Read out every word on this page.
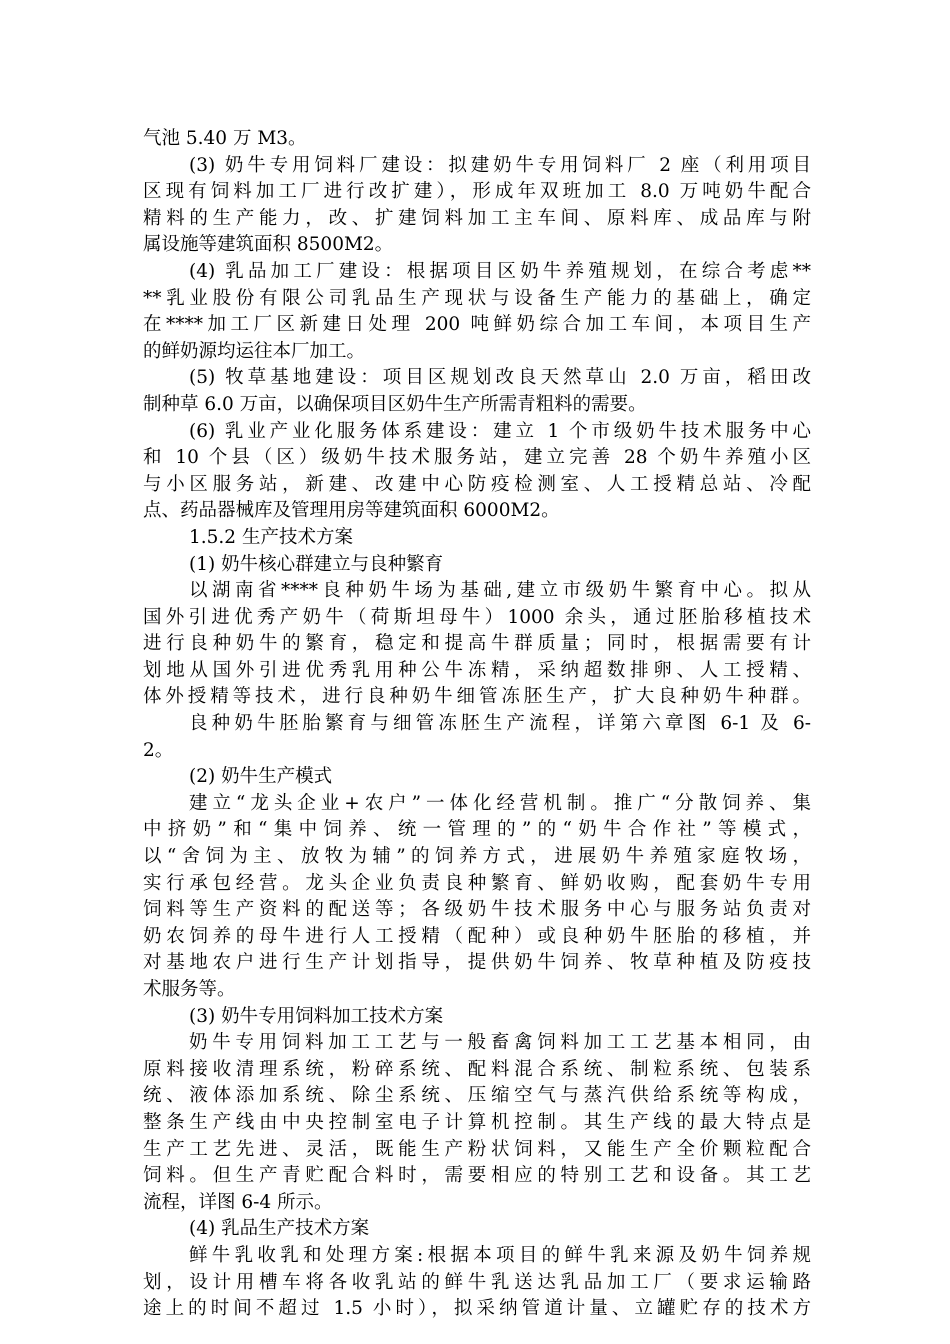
气池 5.40 万 M3。
(3) 奶牛专用饲料厂建设：拟建奶牛专用饲料厂 2 座（利用项目
区现有饲料加工厂进行改扩建），形成年双班加工 8.0 万吨奶牛配合
精料的生产能力，改、扩建饲料加工主车间、原料库、成品库与附
属设施等建筑面积 8500M2。
(4) 乳品加工厂建设：根据项目区奶牛养殖规划，在综合考虑**
**乳业股份有限公司乳品生产现状与设备生产能力的基础上，确定
在****加工厂区新建日处理 200 吨鲜奶综合加工车间，本项目生产
的鲜奶源均运往本厂加工。
(5) 牧草基地建设：项目区规划改良天然草山 2.0 万亩，稻田改
制种草 6.0 万亩，以确保项目区奶牛生产所需青粗料的需要。
(6) 乳业产业化服务体系建设：建立 1 个市级奶牛技术服务中心
和 10 个县（区）级奶牛技术服务站，建立完善 28 个奶牛养殖小区
与小区服务站，新建、改建中心防疫检测室、人工授精总站、冷配
点、药品器械库及管理用房等建筑面积 6000M2。
1.5.2 生产技术方案
(1) 奶牛核心群建立与良种繁育
以湖南省****良种奶牛场为基础,建立市级奶牛繁育中心。拟从
国外引进优秀产奶牛（荷斯坦母牛）1000 余头，通过胚胎移植技术
进行良种奶牛的繁育，稳定和提高牛群质量；同时，根据需要有计
划地从国外引进优秀乳用种公牛冻精，采纳超数排卵、人工授精、
体外授精等技术，进行良种奶牛细管冻胚生产，扩大良种奶牛种群。
良种奶牛胚胎繁育与细管冻胚生产流程，详第六章图 6-1 及 6-
2。
(2) 奶牛生产模式
建立“龙头企业+农户”一体化经营机制。推广“分散饲养、集
中挤奶”和“集中饲养、统一管理的”的“奶牛合作社”等模式，
以“舍饲为主、放牧为辅”的饲养方式，进展奶牛养殖家庭牧场，
实行承包经营。龙头企业负责良种繁育、鲜奶收购，配套奶牛专用
饲料等生产资料的配送等；各级奶牛技术服务中心与服务站负责对
奶农饲养的母牛进行人工授精（配种）或良种奶牛胚胎的移植，并
对基地农户进行生产计划指导，提供奶牛饲养、牧草种植及防疫技
术服务等。
(3) 奶牛专用饲料加工技术方案
奶牛专用饲料加工工艺与一般畜禽饲料加工工艺基本相同，由
原料接收清理系统，粉碎系统、配料混合系统、制粒系统、包装系
统、液体添加系统、除尘系统、压缩空气与蒸汽供给系统等构成，
整条生产线由中央控制室电子计算机控制。其生产线的最大特点是
生产工艺先进、灵活，既能生产粉状饲料，又能生产全价颗粒配合
饲料。但生产青贮配合料时，需要相应的特别工艺和设备。其工艺
流程，详图 6-4 所示。
(4) 乳品生产技术方案
鲜牛乳收乳和处理方案:根据本项目的鲜牛乳来源及奶牛饲养规
划，设计用槽车将各收乳站的鲜牛乳送达乳品加工厂（要求运输路
途上的时间不超过 1.5 小时），拟采纳管道计量、立罐贮存的技术方
